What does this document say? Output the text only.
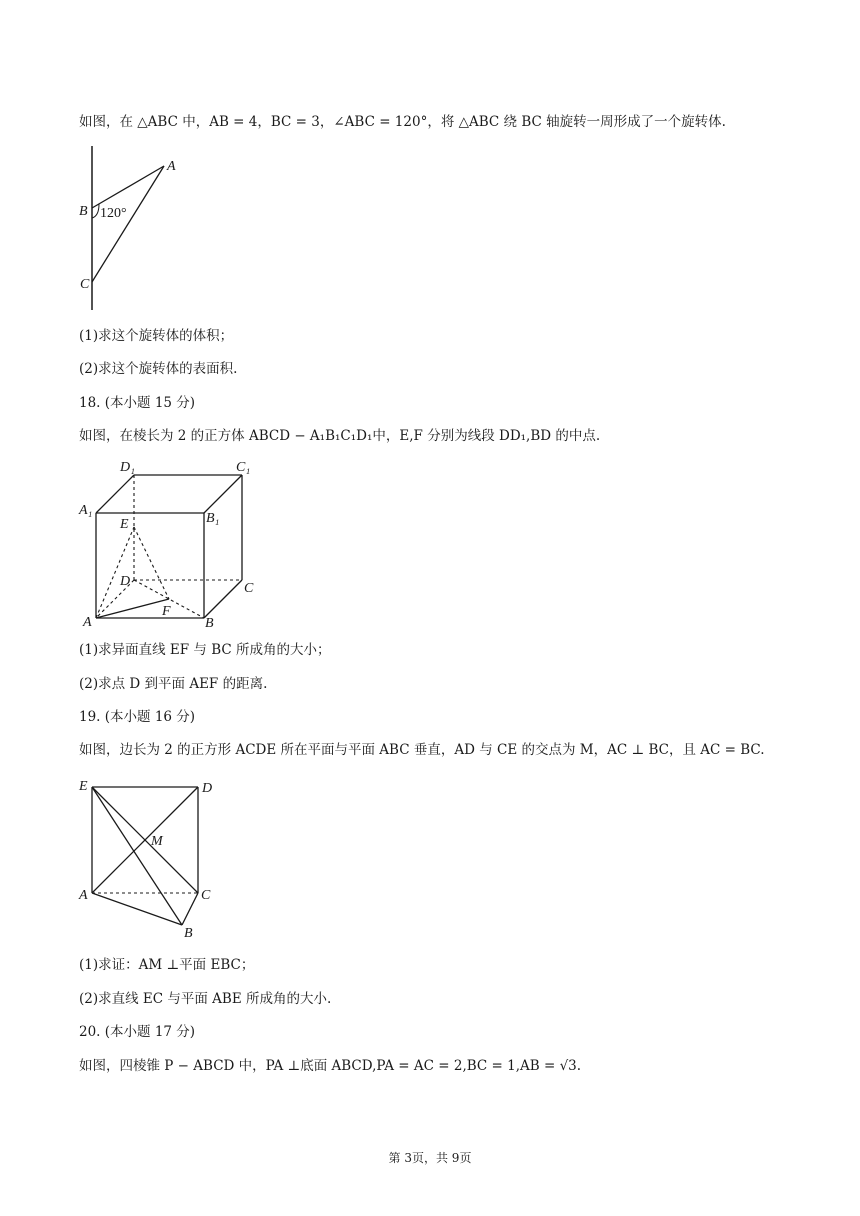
如图，在 △ABC 中，AB = 4，BC = 3，∠ABC = 120°，将 △ABC 绕 BC 轴旋转一周形成了一个旋转体.
A
B
C
120°
(1)求这个旋转体的体积；
(2)求这个旋转体的表面积.
18. (本小题 15 分)
如图，在棱长为 2 的正方体 ABCD − A₁B₁C₁D₁中，E,F 分别为线段 DD₁,BD 的中点.
D₁	C₁
A₁
B₁
E
D	C
F
A	B
(1)求异面直线 EF 与 BC 所成角的大小；
(2)求点 D 到平面 AEF 的距离.
19. (本小题 16 分)
如图，边长为 2 的正方形 ACDE 所在平面与平面 ABC 垂直，AD 与 CE 的交点为 M，AC ⊥ BC，且 AC = BC.
E	D
M
A	C
B
(1)求证：AM ⊥平面 EBC；
(2)求直线 EC 与平面 ABE 所成角的大小.
20. (本小题 17 分)
如图，四棱锥 P − ABCD 中，PA ⊥底面 ABCD,PA = AC = 2,BC = 1,AB = √3.
第 3页，共 9页
